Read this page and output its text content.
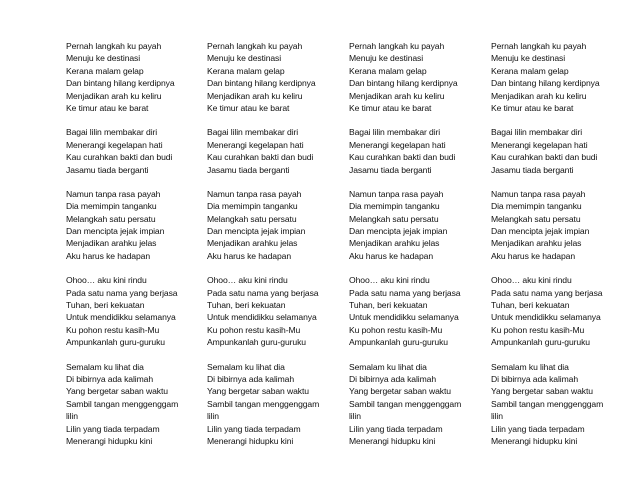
Pernah langkah ku payah
Menuju ke destinasi
Kerana malam gelap
Dan bintang hilang kerdipnya
Menjadikan arah ku keliru
Ke timur atau ke barat
Bagai lilin membakar diri
Menerangi kegelapan hati
Kau curahkan bakti dan budi
Jasamu tiada berganti
Namun tanpa rasa payah
Dia memimpin tanganku
Melangkah satu persatu
Dan mencipta jejak impian
Menjadikan arahku jelas
Aku harus ke hadapan
Ohoo… aku kini rindu
Pada satu nama yang berjasa
Tuhan, beri kekuatan
Untuk mendidikku selamanya
Ku pohon restu kasih-Mu
Ampunkanlah guru-guruku
Semalam ku lihat dia
Di bibirnya ada kalimah
Yang bergetar saban waktu
Sambil tangan menggenggam
lilin
Lilin yang tiada terpadam
Menerangi hidupku kini
Pernah langkah ku payah
Menuju ke destinasi
Kerana malam gelap
Dan bintang hilang kerdipnya
Menjadikan arah ku keliru
Ke timur atau ke barat
Bagai lilin membakar diri
Menerangi kegelapan hati
Kau curahkan bakti dan budi
Jasamu tiada berganti
Namun tanpa rasa payah
Dia memimpin tanganku
Melangkah satu persatu
Dan mencipta jejak impian
Menjadikan arahku jelas
Aku harus ke hadapan
Ohoo… aku kini rindu
Pada satu nama yang berjasa
Tuhan, beri kekuatan
Untuk mendidikku selamanya
Ku pohon restu kasih-Mu
Ampunkanlah guru-guruku
Semalam ku lihat dia
Di bibirnya ada kalimah
Yang bergetar saban waktu
Sambil tangan menggenggam
lilin
Lilin yang tiada terpadam
Menerangi hidupku kini
Pernah langkah ku payah
Menuju ke destinasi
Kerana malam gelap
Dan bintang hilang kerdipnya
Menjadikan arah ku keliru
Ke timur atau ke barat
Bagai lilin membakar diri
Menerangi kegelapan hati
Kau curahkan bakti dan budi
Jasamu tiada berganti
Namun tanpa rasa payah
Dia memimpin tanganku
Melangkah satu persatu
Dan mencipta jejak impian
Menjadikan arahku jelas
Aku harus ke hadapan
Ohoo… aku kini rindu
Pada satu nama yang berjasa
Tuhan, beri kekuatan
Untuk mendidikku selamanya
Ku pohon restu kasih-Mu
Ampunkanlah guru-guruku
Semalam ku lihat dia
Di bibirnya ada kalimah
Yang bergetar saban waktu
Sambil tangan menggenggam
lilin
Lilin yang tiada terpadam
Menerangi hidupku kini
Pernah langkah ku payah
Menuju ke destinasi
Kerana malam gelap
Dan bintang hilang kerdipnya
Menjadikan arah ku keliru
Ke timur atau ke barat
Bagai lilin membakar diri
Menerangi kegelapan hati
Kau curahkan bakti dan budi
Jasamu tiada berganti
Namun tanpa rasa payah
Dia memimpin tanganku
Melangkah satu persatu
Dan mencipta jejak impian
Menjadikan arahku jelas
Aku harus ke hadapan
Ohoo… aku kini rindu
Pada satu nama yang berjasa
Tuhan, beri kekuatan
Untuk mendidikku selamanya
Ku pohon restu kasih-Mu
Ampunkanlah guru-guruku
Semalam ku lihat dia
Di bibirnya ada kalimah
Yang bergetar saban waktu
Sambil tangan menggenggam
lilin
Lilin yang tiada terpadam
Menerangi hidupku kini
